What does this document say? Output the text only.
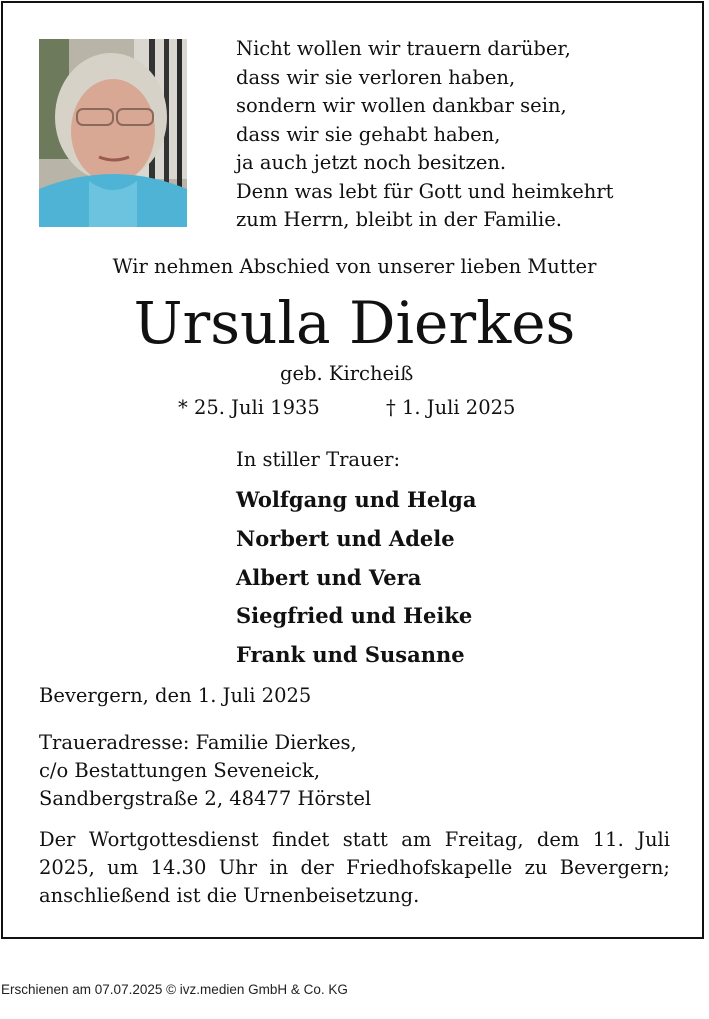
Nicht wollen wir trauern darüber,
dass wir sie verloren haben,
sondern wir wollen dankbar sein,
dass wir sie gehabt haben,
ja auch jetzt noch besitzen.
Denn was lebt für Gott und heimkehrt
zum Herrn, bleibt in der Familie.
Wir nehmen Abschied von unserer lieben Mutter
Ursula Dierkes
geb. Kircheiß
* 25. Juli 1935	† 1. Juli 2025
In stiller Trauer:
Wolfgang und Helga
Norbert und Adele
Albert und Vera
Siegfried und Heike
Frank und Susanne
Bevergern, den 1. Juli 2025
Traueradresse: Familie Dierkes,
c/o Bestattungen Seveneick,
Sandbergstraße 2, 48477 Hörstel
Der Wortgottesdienst findet statt am Freitag, dem 11. Juli 2025, um 14.30 Uhr in der Friedhofskapelle zu Bevergern; anschließend ist die Urnenbeisetzung.
Erschienen am 07.07.2025 © ivz.medien GmbH & Co. KG
